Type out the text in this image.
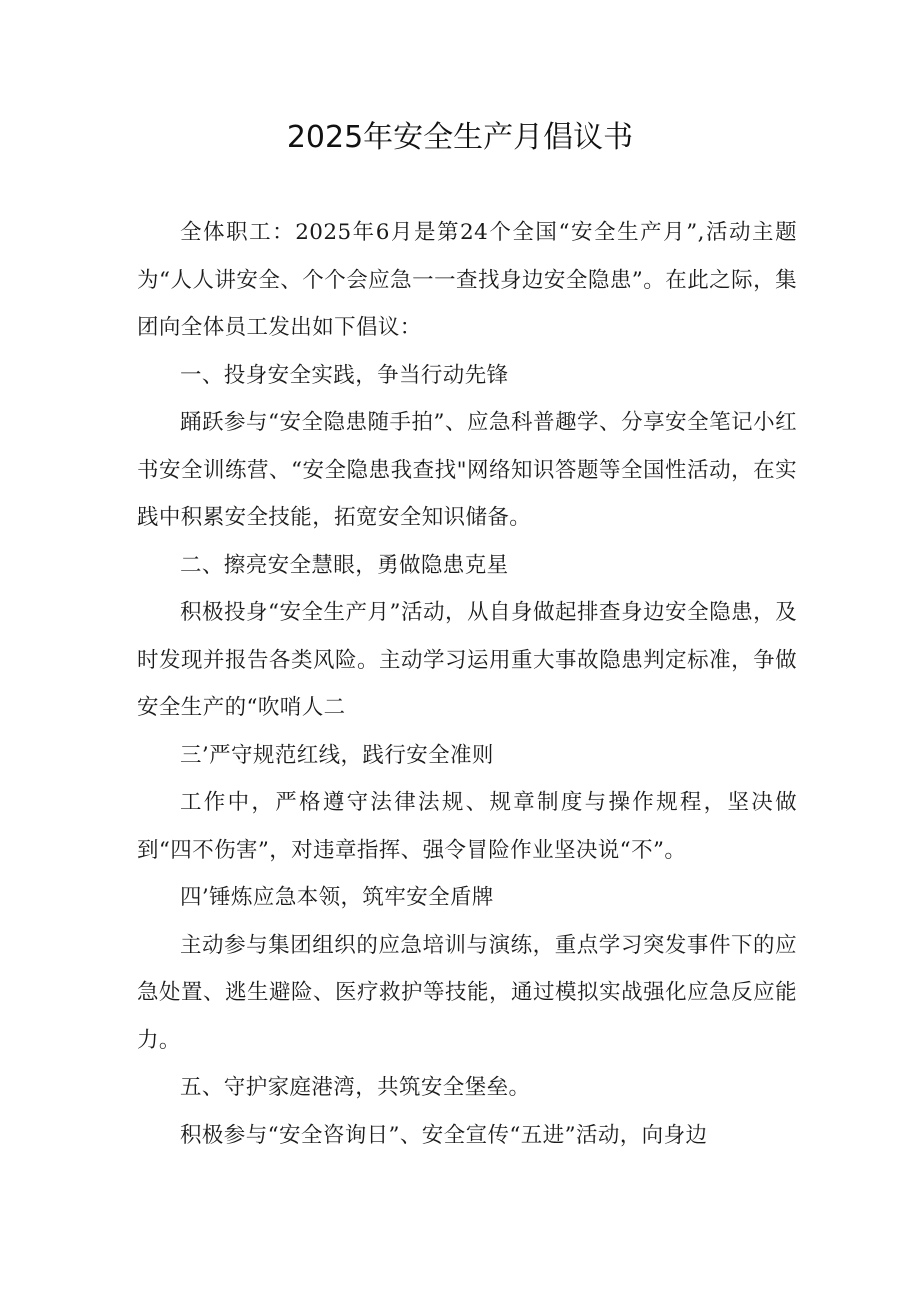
2025年安全生产月倡议书

全体职工：2025年6月是第24个全国“安全生产月”,活动主题为“人人讲安全、个个会应急一一查找身边安全隐患”。在此之际，集团向全体员工发出如下倡议：

一、投身安全实践，争当行动先锋

踊跃参与“安全隐患随手拍”、应急科普趣学、分享安全笔记小红书安全训练营、“安全隐患我查找"网络知识答题等全国性活动，在实践中积累安全技能，拓宽安全知识储备。

二、擦亮安全慧眼，勇做隐患克星

积极投身“安全生产月”活动，从自身做起排查身边安全隐患，及时发现并报告各类风险。主动学习运用重大事故隐患判定标准，争做安全生产的“吹哨人二

三’严守规范红线，践行安全准则

工作中，严格遵守法律法规、规章制度与操作规程，坚决做到“四不伤害”，对违章指挥、强令冒险作业坚决说“不”。

四’锤炼应急本领，筑牢安全盾牌

主动参与集团组织的应急培训与演练，重点学习突发事件下的应急处置、逃生避险、医疗救护等技能，通过模拟实战强化应急反应能力。

五、守护家庭港湾，共筑安全堡垒。

积极参与“安全咨询日”、安全宣传“五进”活动，向身边
